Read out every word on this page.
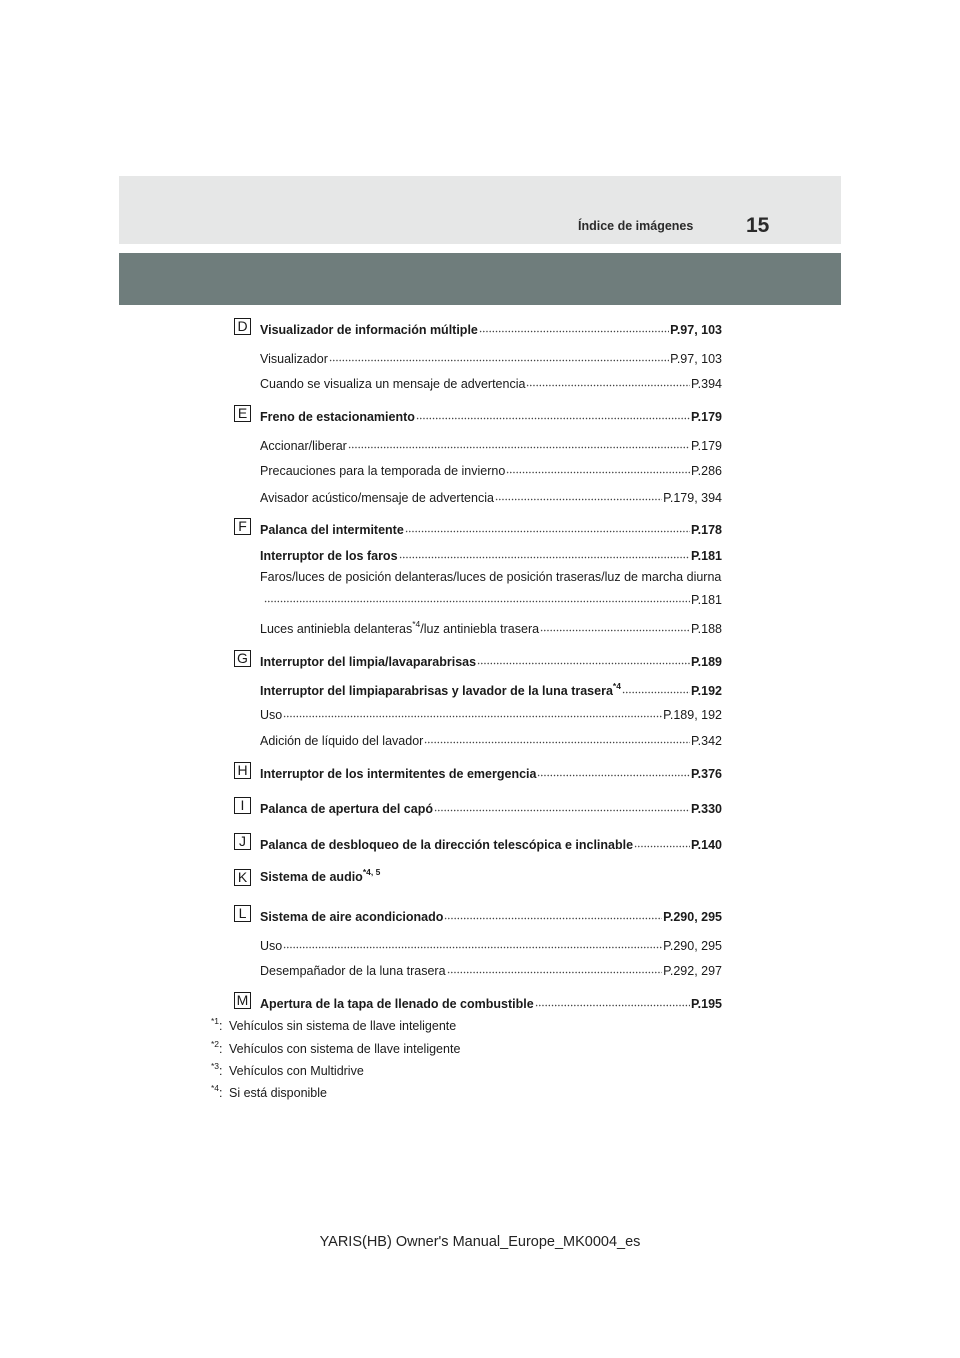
Índice de imágenes	15
D Visualizador de información múltiple	P.97, 103
Visualizador	P.97, 103
Cuando se visualiza un mensaje de advertencia	P.394
E	Freno de estacionamiento	P.179
Accionar/liberar	P.179
Precauciones para la temporada de invierno	P.286
Avisador acústico/mensaje de advertencia	P.179, 394
F	Palanca del intermitente	P.178
Interruptor de los faros	P.181
Faros/luces de posición delanteras/luces de posición traseras/luz de marcha diurna
P.181
Luces antiniebla delanteras$^{*4}$/luz antiniebla trasera	P.188
G Interruptor del limpia/lavaparabrisas	P.189
Interruptor del limpiaparabrisas y lavador de la luna trasera$^{*4}$	P.192
Uso	P.189, 192
Adición de líquido del lavador	P.342
H Interruptor de los intermitentes de emergencia	P.376
I	Palanca de apertura del capó	P.330
J	Palanca de desbloqueo de la dirección telescópica e inclinable	P.140
K	Sistema de audio$^{*4, 5}$
L	Sistema de aire acondicionado	P.290, 295
Uso	P.290, 295
Desempañador de la luna trasera	P.292, 297
M Apertura de la tapa de llenado de combustible	P.195
$^{*1}$: Vehículos sin sistema de llave inteligente
$^{*2}$: Vehículos con sistema de llave inteligente
$^{*3}$: Vehículos con Multidrive
$^{*4}$: Si está disponible
YARIS(HB) Owner's Manual_Europe_MK0004_es
